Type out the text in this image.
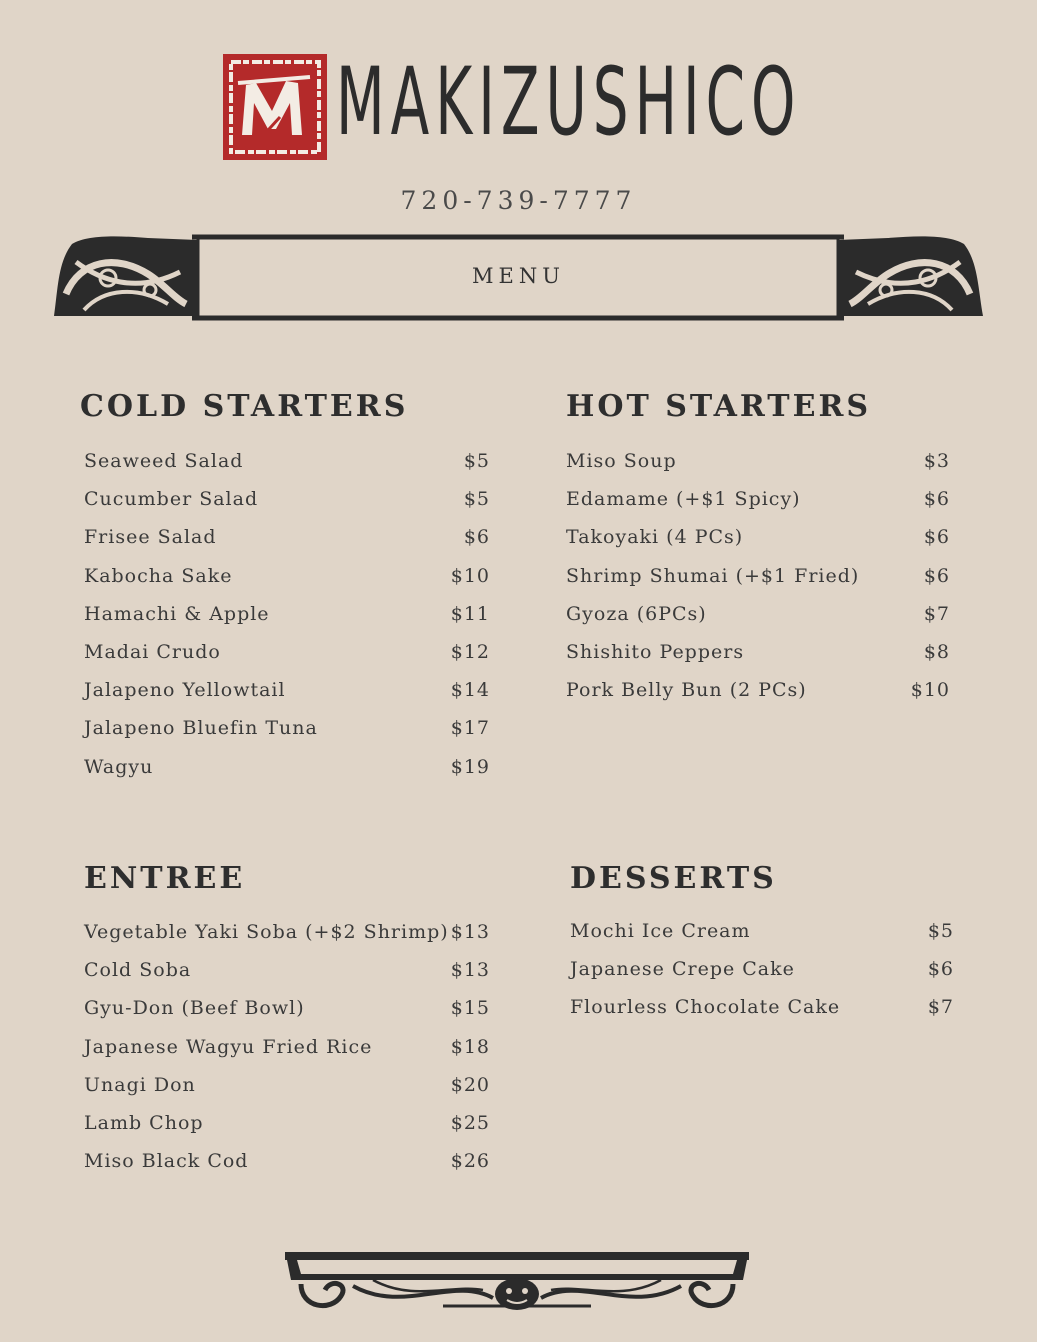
MAKIZUSHICO
720-739-7777
MENU
COLD STARTERS
Seaweed Salad	$5
Cucumber Salad	$5
Frisee Salad	$6
Kabocha Sake	$10
Hamachi & Apple	$11
Madai Crudo	$12
Jalapeno Yellowtail	$14
Jalapeno Bluefin Tuna	$17
Wagyu	$19
HOT STARTERS
Miso Soup	$3
Edamame (+$1 Spicy)	$6
Takoyaki (4 PCs)	$6
Shrimp Shumai (+$1 Fried)	$6
Gyoza (6PCs)	$7
Shishito Peppers	$8
Pork Belly Bun (2 PCs)	$10
ENTREE
Vegetable Yaki Soba (+$2 Shrimp) $13
Cold Soba	$13
Gyu-Don (Beef Bowl)	$15
Japanese Wagyu Fried Rice	$18
Unagi Don	$20
Lamb Chop	$25
Miso Black Cod	$26
DESSERTS
Mochi Ice Cream	$5
Japanese Crepe Cake	$6
Flourless Chocolate Cake	$7
